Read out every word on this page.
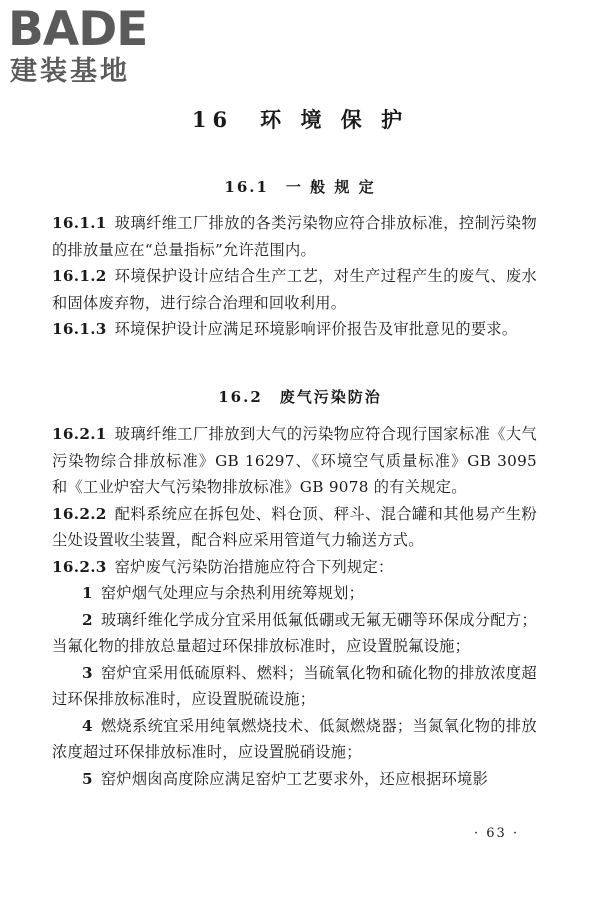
BADE
建装基地
16　环 境 保 护
16.1　一 般 规 定

16.1.1 玻璃纤维工厂排放的各类污染物应符合排放标准，控制污染物的排放量应在“总量指标”允许范围内。

16.1.2 环境保护设计应结合生产工艺，对生产过程产生的废气、废水和固体废弃物，进行综合治理和回收利用。

16.1.3 环境保护设计应满足环境影响评价报告及审批意见的要求。

16.2　废气污染防治

16.2.1 玻璃纤维工厂排放到大气的污染物应符合现行国家标准《大气污染物综合排放标准》GB 16297、《环境空气质量标准》GB 3095 和《工业炉窑大气污染物排放标准》GB 9078 的有关规定。

16.2.2 配料系统应在拆包处、料仓顶、秤斗、混合罐和其他易产生粉尘处设置收尘装置，配合料应采用管道气力输送方式。

16.2.3 窑炉废气污染防治措施应符合下列规定：

1 窑炉烟气处理应与余热利用统筹规划；

2 玻璃纤维化学成分宜采用低氟低硼或无氟无硼等环保成分配方；当氟化物的排放总量超过环保排放标准时，应设置脱氟设施；

3 窑炉宜采用低硫原料、燃料；当硫氧化物和硫化物的排放浓度超过环保排放标准时，应设置脱硫设施；

4 燃烧系统宜采用纯氧燃烧技术、低氮燃烧器；当氮氧化物的排放浓度超过环保排放标准时，应设置脱硝设施；

5 窑炉烟囱高度除应满足窑炉工艺要求外，还应根据环境影

· 63 ·
